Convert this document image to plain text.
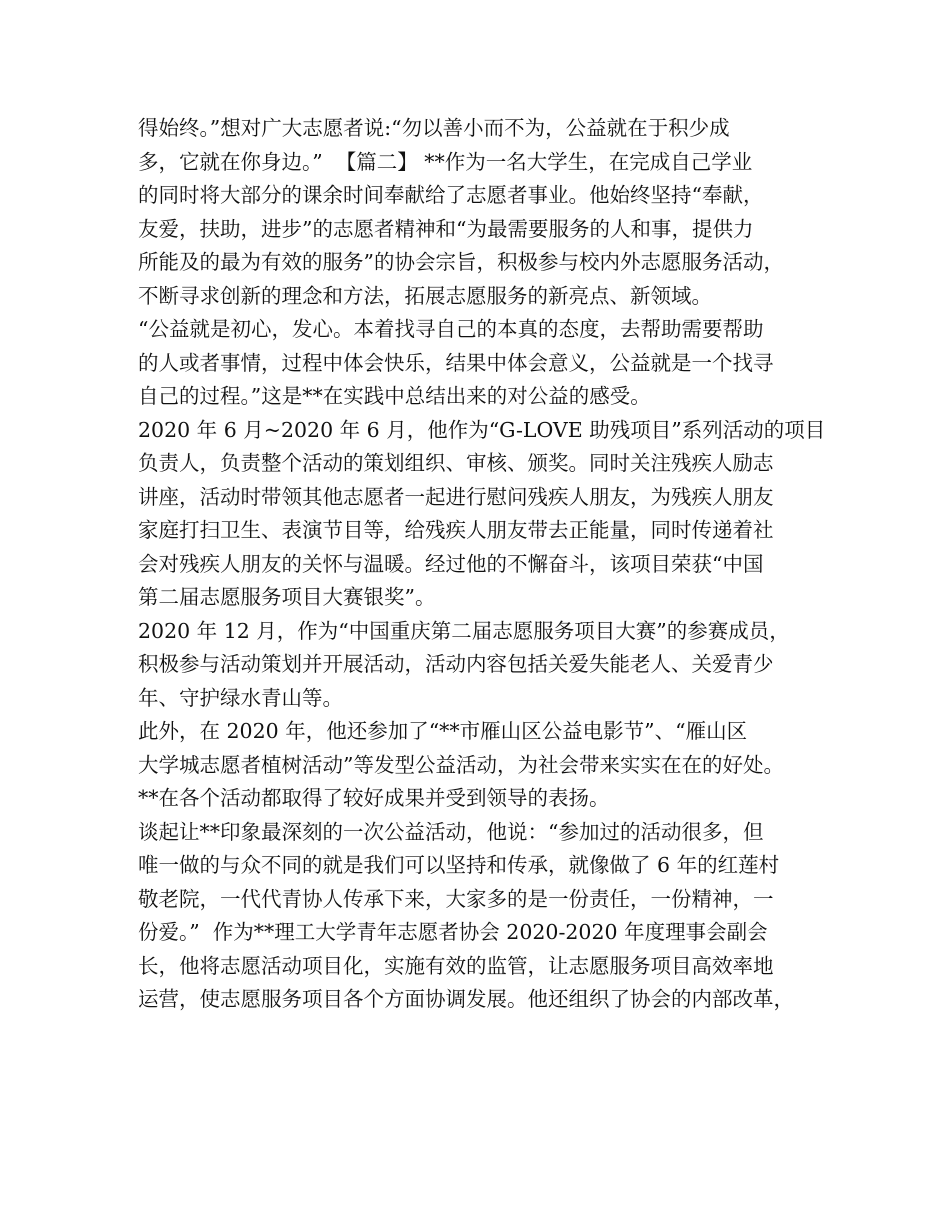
得始终。”想对广大志愿者说:“勿以善小而不为，公益就在于积少成
多，它就在你身边。”  【篇二】 **作为一名大学生，在完成自己学业
的同时将大部分的课余时间奉献给了志愿者事业。他始终坚持“奉献，
友爱，扶助，进步”的志愿者精神和“为最需要服务的人和事，提供力
所能及的最为有效的服务”的协会宗旨，积极参与校内外志愿服务活动，
不断寻求创新的理念和方法，拓展志愿服务的新亮点、新领域。
“公益就是初心，发心。本着找寻自己的本真的态度，去帮助需要帮助
的人或者事情，过程中体会快乐，结果中体会意义，公益就是一个找寻
自己的过程。”这是**在实践中总结出来的对公益的感受。
2020 年 6 月~2020 年 6 月，他作为“G-LOVE 助残项目”系列活动的项目
负责人，负责整个活动的策划组织、审核、颁奖。同时关注残疾人励志
讲座，活动时带领其他志愿者一起进行慰问残疾人朋友，为残疾人朋友
家庭打扫卫生、表演节目等，给残疾人朋友带去正能量，同时传递着社
会对残疾人朋友的关怀与温暖。经过他的不懈奋斗，该项目荣获“中国
第二届志愿服务项目大赛银奖”。
2020 年 12 月，作为“中国重庆第二届志愿服务项目大赛”的参赛成员，
积极参与活动策划并开展活动，活动内容包括关爱失能老人、关爱青少
年、守护绿水青山等。
此外，在 2020 年，他还参加了“**市雁山区公益电影节”、“雁山区
大学城志愿者植树活动”等发型公益活动，为社会带来实实在在的好处。
**在各个活动都取得了较好成果并受到领导的表扬。
谈起让**印象最深刻的一次公益活动，他说：“参加过的活动很多，但
唯一做的与众不同的就是我们可以坚持和传承，就像做了 6 年的红莲村
敬老院，一代代青协人传承下来，大家多的是一份责任，一份精神，一
份爱。”  作为**理工大学青年志愿者协会 2020-2020 年度理事会副会
长，他将志愿活动项目化，实施有效的监管，让志愿服务项目高效率地
运营，使志愿服务项目各个方面协调发展。他还组织了协会的内部改革，
